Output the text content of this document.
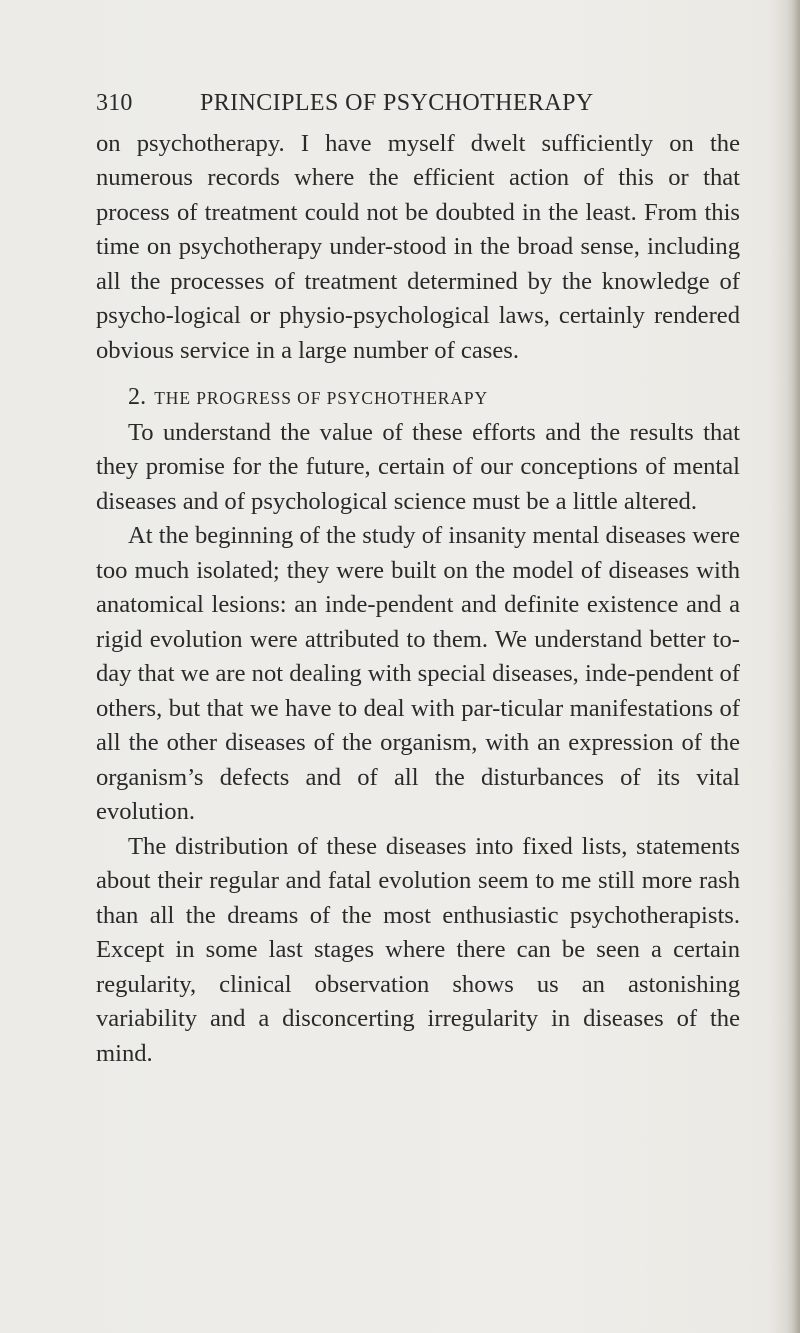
310	PRINCIPLES OF PSYCHOTHERAPY

on psychotherapy. I have myself dwelt sufficiently on the numerous records where the efficient action of this or that process of treatment could not be doubted in the least. From this time on psychotherapy under-stood in the broad sense, including all the processes of treatment determined by the knowledge of psycho-logical or physio-psychological laws, certainly rendered obvious service in a large number of cases.

2. THE PROGRESS OF PSYCHOTHERAPY

To understand the value of these efforts and the results that they promise for the future, certain of our conceptions of mental diseases and of psychological science must be a little altered.

At the beginning of the study of insanity mental diseases were too much isolated; they were built on the model of diseases with anatomical lesions: an inde-pendent and definite existence and a rigid evolution were attributed to them. We understand better to-day that we are not dealing with special diseases, inde-pendent of others, but that we have to deal with par-ticular manifestations of all the other diseases of the organism, with an expression of the organism’s defects and of all the disturbances of its vital evolution.

The distribution of these diseases into fixed lists, statements about their regular and fatal evolution seem to me still more rash than all the dreams of the most enthusiastic psychotherapists. Except in some last stages where there can be seen a certain regularity, clinical observation shows us an astonishing variability and a disconcerting irregularity in diseases of the mind.
